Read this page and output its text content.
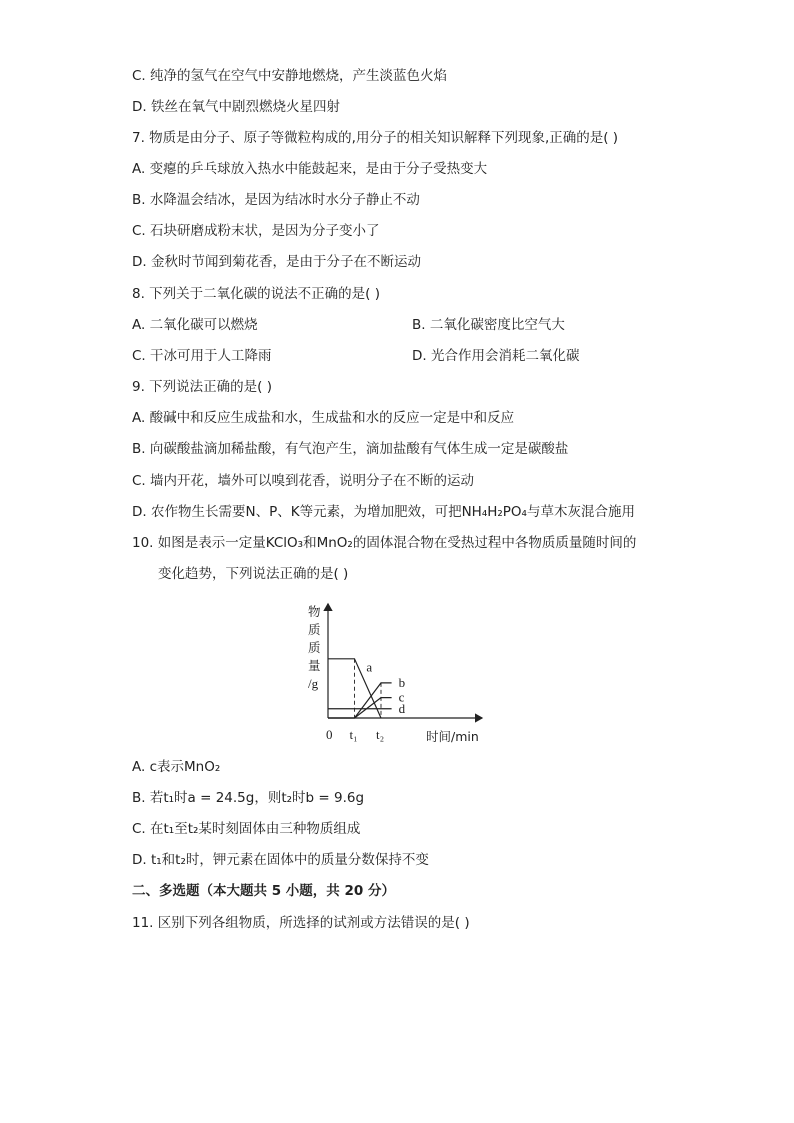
C. 纯净的氢气在空气中安静地燃烧，产生淡蓝色火焰
D. 铁丝在氧气中剧烈燃烧火星四射
7. 物质是由分子、原子等微粒构成的,用分子的相关知识解释下列现象,正确的是( )
A. 变瘪的乒乓球放入热水中能鼓起来，是由于分子受热变大
B. 水降温会结冰，是因为结冰时水分子静止不动
C. 石块研磨成粉末状，是因为分子变小了
D. 金秋时节闻到菊花香，是由于分子在不断运动
8. 下列关于二氧化碳的说法不正确的是( )
A. 二氧化碳可以燃烧	B. 二氧化碳密度比空气大
C. 干冰可用于人工降雨	D. 光合作用会消耗二氧化碳
9. 下列说法正确的是( )
A. 酸碱中和反应生成盐和水，生成盐和水的反应一定是中和反应
B. 向碳酸盐滴加稀盐酸，有气泡产生，滴加盐酸有气体生成一定是碳酸盐
C. 墙内开花，墙外可以嗅到花香，说明分子在不断的运动
D. 农作物生长需要N、P、K等元素，为增加肥效，可把NH₄H₂PO₄与草木灰混合施用
10. 如图是表示一定量KClO₃和MnO₂的固体混合物在受热过程中各物质质量随时间的
变化趋势，下列说法正确的是( )
a
b
c
d
物
质
质
量
/g
0 t₁ t₂	时间/min
A. c表示MnO₂
B. 若t₁时a = 24.5g，则t₂时b = 9.6g
C. 在t₁至t₂某时刻固体由三种物质组成
D. t₁和t₂时，钾元素在固体中的质量分数保持不变
二、多选题（本大题共 5 小题，共 20 分）
11. 区别下列各组物质，所选择的试剂或方法错误的是( )
